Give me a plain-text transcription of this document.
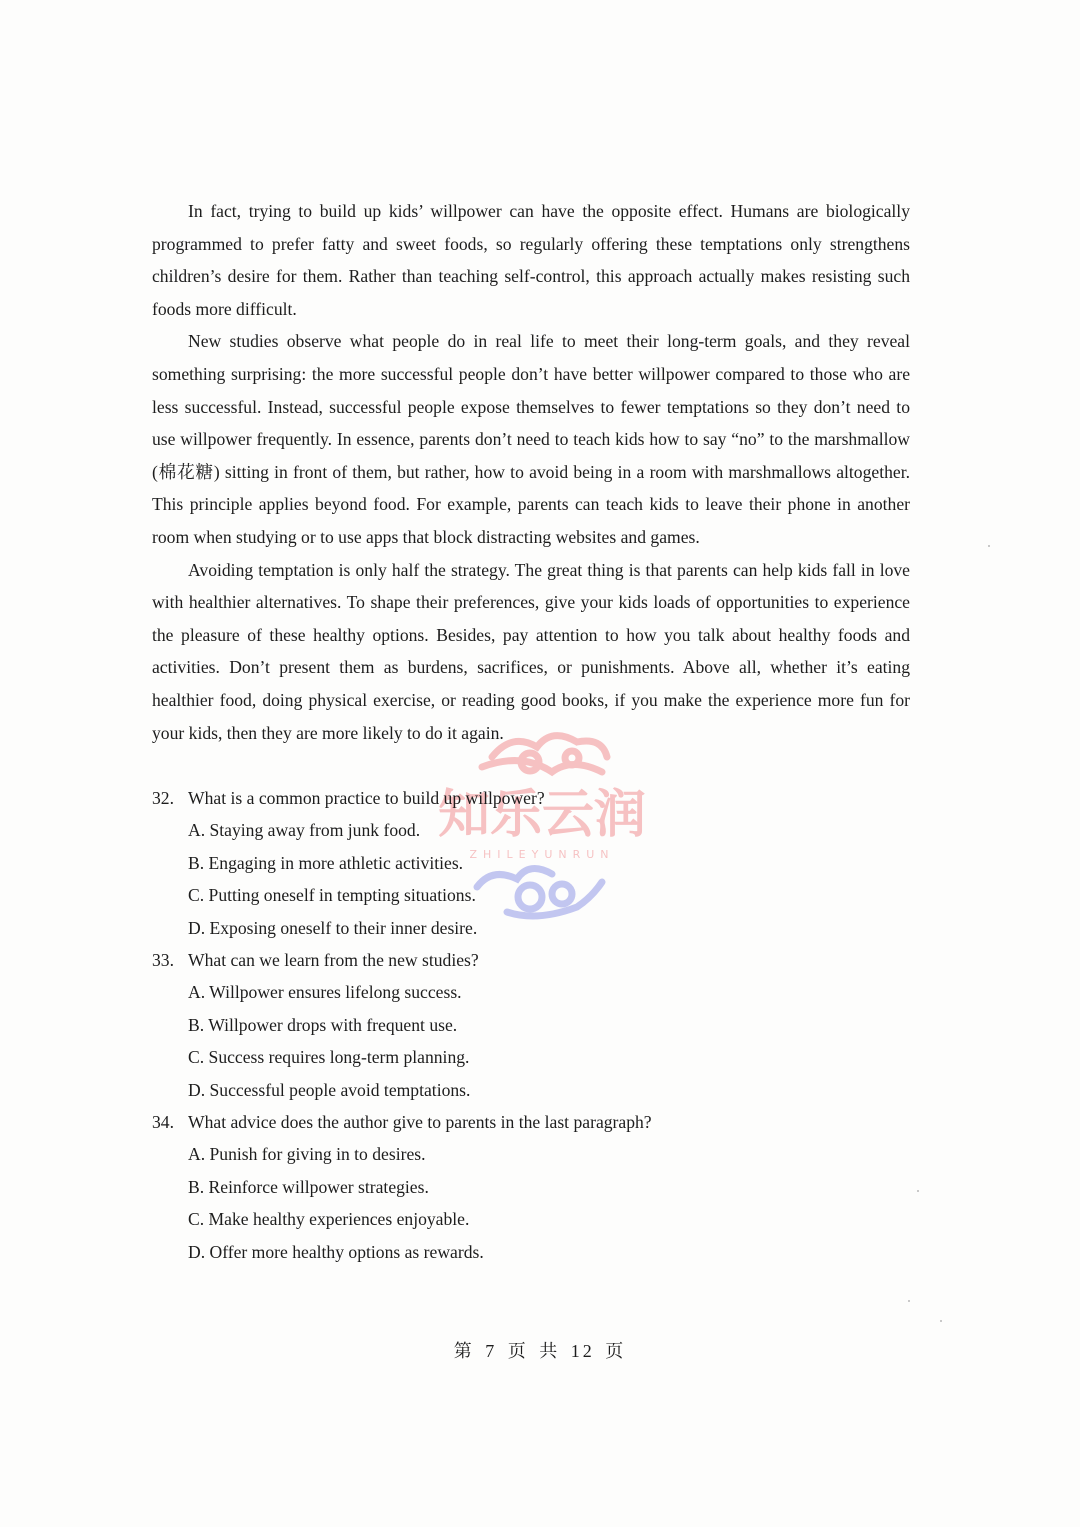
In fact, trying to build up kids’ willpower can have the opposite effect. Humans are biologically programmed to prefer fatty and sweet foods, so regularly offering these temptations only strengthens children’s desire for them. Rather than teaching self-control, this approach actually makes resisting such foods more difficult.

New studies observe what people do in real life to meet their long-term goals, and they reveal something surprising: the more successful people don’t have better willpower compared to those who are less successful. Instead, successful people expose themselves to fewer temptations so they don’t need to use willpower frequently. In essence, parents don’t need to teach kids how to say “no” to the marshmallow (棉花糖) sitting in front of them, but rather, how to avoid being in a room with marshmallows altogether. This principle applies beyond food. For example, parents can teach kids to leave their phone in another room when studying or to use apps that block distracting websites and games.

Avoiding temptation is only half the strategy. The great thing is that parents can help kids fall in love with healthier alternatives. To shape their preferences, give your kids loads of opportunities to experience the pleasure of these healthy options. Besides, pay attention to how you talk about healthy foods and activities. Don’t present them as burdens, sacrifices, or punishments. Above all, whether it’s eating healthier food, doing physical exercise, or reading good books, if you make the experience more fun for your kids, then they are more likely to do it again.

知乐云润
ZHILEYUNRUN
32. What is a common practice to build up willpower?
A. Staying away from junk food.
B. Engaging in more athletic activities.
C. Putting oneself in tempting situations.
D. Exposing oneself to their inner desire.
33. What can we learn from the new studies?
A. Willpower ensures lifelong success.
B. Willpower drops with frequent use.
C. Success requires long-term planning.
D. Successful people avoid temptations.
34. What advice does the author give to parents in the last paragraph?
A. Punish for giving in to desires.
B. Reinforce willpower strategies.
C. Make healthy experiences enjoyable.
D. Offer more healthy options as rewards.
第 7 页 共 12 页
